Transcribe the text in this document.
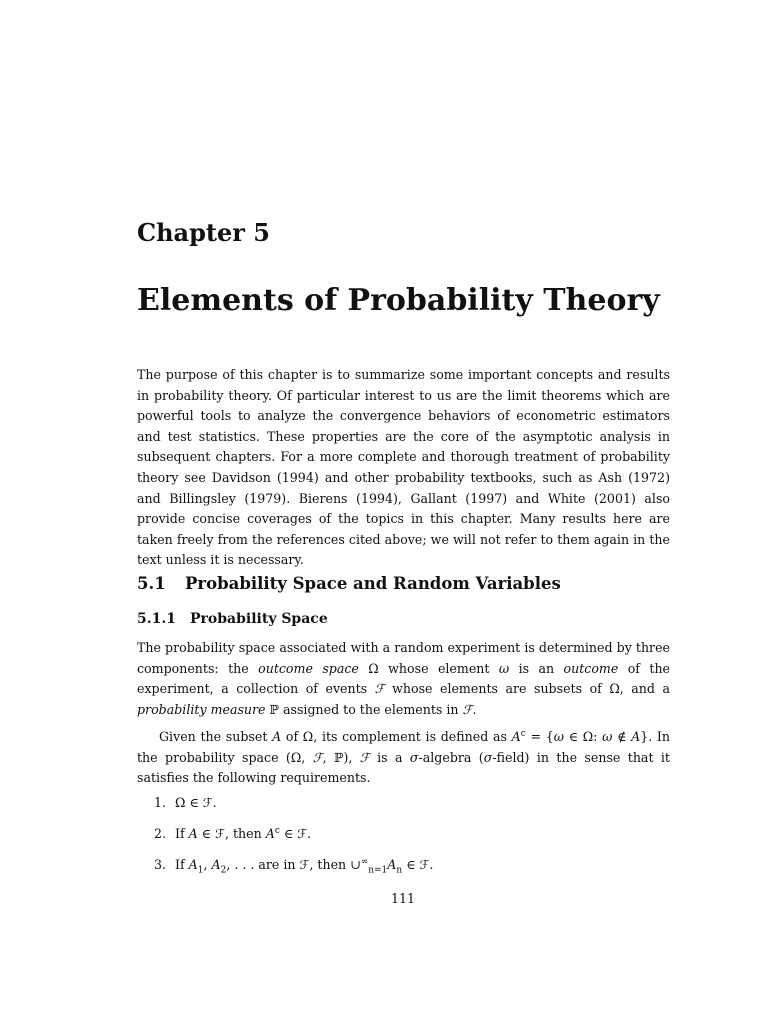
Chapter 5
Elements of Probability Theory

The purpose of this chapter is to summarize some important concepts and results in probability theory. Of particular interest to us are the limit theorems which are powerful tools to analyze the convergence behaviors of econometric estimators and test statistics. These properties are the core of the asymptotic analysis in subsequent chapters. For a more complete and thorough treatment of probability theory see Davidson (1994) and other probability textbooks, such as Ash (1972) and Billingsley (1979). Bierens (1994), Gallant (1997) and White (2001) also provide concise coverages of the topics in this chapter. Many results here are taken freely from the references cited above; we will not refer to them again in the text unless it is necessary.

5.1 Probability Space and Random Variables
5.1.1 Probability Space

The probability space associated with a random experiment is determined by three components: the outcome space Ω whose element ω is an outcome of the experiment, a collection of events ℱ whose elements are subsets of Ω, and a probability measure ℙ assigned to the elements in ℱ.

Given the subset A of Ω, its complement is defined as $A^c = \{\omega$ ∈ Ω: ω ∉ A}. In the probability space (Ω, ℱ, ℙ), ℱ is a σ-algebra (σ-field) in the sense that it satisfies the following requirements.

1. Ω ∈ ℱ.
2. If A ∈ ℱ, then $A^c$ ∈ ℱ.
3. If $A_1$, $A_2$, . . . are in ℱ, then $\cup^\infty_{n=1}A_n$ ∈ ℱ.
111
